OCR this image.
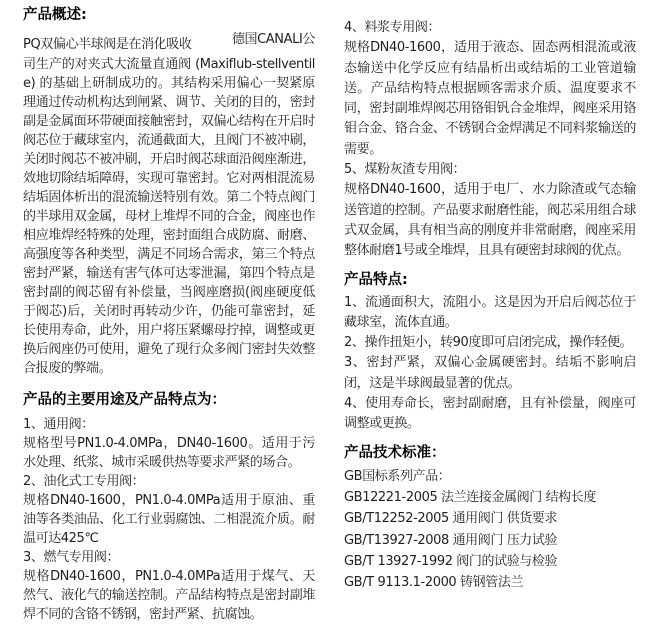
产品概述:
PQ双偏心半球阀是在消化吸收	德国CANALI公

司生产的对夹式大流量直通阀 (Maxiflub-stellventile) 的基础上研制成功的。其结构采用偏心一契紧原理通过传动机构达到闸紧、调节、关闭的目的，密封副是金属面环带硬面接触密封，双偏心结构在开启时阀芯位于藏球室内，流通截面大，且阀门不被冲刷，关闭时阀芯不被冲刷，开启时阀芯球面沿阀座渐进，效地切除结垢障碍，实现可靠密封。它对两相混流易结垢固体析出的混流输送特别有效。第二个特点阀门的半球用双金属，母材上堆焊不同的合金，阀座也作相应堆焊经特殊的处理，密封面组合成防腐、耐磨、高强度等各种类型，满足不同场合需求，第三个特点密封严紧，输送有害气体可达零泄漏，第四个特点是密封副的阀芯留有补偿量，当阀座磨损(阀座硬度低于阀芯)后，关闭时再转动少许，仍能可靠密封，延长使用寿命，此外，用户将压紧螺母拧掉，调整或更换后阀座仍可使用，避免了现行众多阀门密封失效整合报废的弊端。

产品的主要用途及产品特点为：

1、通用阀：

规格型号PN1.0-4.0MPa，DN40-1600。适用于污水处理、纸浆、城市采暖供热等要求严紧的场合。

2、油化式工专用阀：

规格DN40-1600，PN1.0-4.0MPa适用于原油、重油等各类油品、化工行业弱腐蚀、二相混流介质。耐温可达425℃

3、燃气专用阀：

规格DN40-1600，PN1.0-4.0MPa适用于煤气、天然气、液化气的输送控制。产品结构特点是密封副堆焊不同的含铬不锈钢，密封严紧、抗腐蚀。

4、料浆专用阀：

规格DN40-1600，适用于液态、固态两相混流或液态输送中化学反应有结晶析出或结垢的工业管道输送。产品结构特点根据顾客需求介质、温度要求不同，密封副堆焊阀芯用铬钼钒合金堆焊，阀座采用铬钼合金、铬合金、不锈钢合金焊满足不同料浆输送的需要。

5、煤粉灰渣专用阀：

规格DN40-1600，适用于电厂、水力除渣或气态输送管道的控制。产品要求耐磨性能，阀芯采用组合球式双金属，具有相当高的刚度并非常耐磨，阀座采用整体耐磨1号或全堆焊，且具有硬密封球阀的优点。

产品特点:

1、流通面积大，流阻小。这是因为开启后阀芯位于藏球室，流体直通。

2、操作扭矩小，转90度即可启闭完成，操作轻便。

3、密封严紧，双偏心金属硬密封。结垢不影响启闭，这是半球阀最显著的优点。

4、使用寿命长，密封副耐磨，且有补偿量，阀座可调整或更换。

产品技术标准：

GB国标系列产品：

GB12221-2005 法兰连接金属阀门 结构长度

GB/T12252-2005 通用阀门 供货要求

GB/T13927-2008 通用阀门 压力试验

GB/T 13927-1992 阀门的试验与检验

GB/T 9113.1-2000 铸钢管法兰
